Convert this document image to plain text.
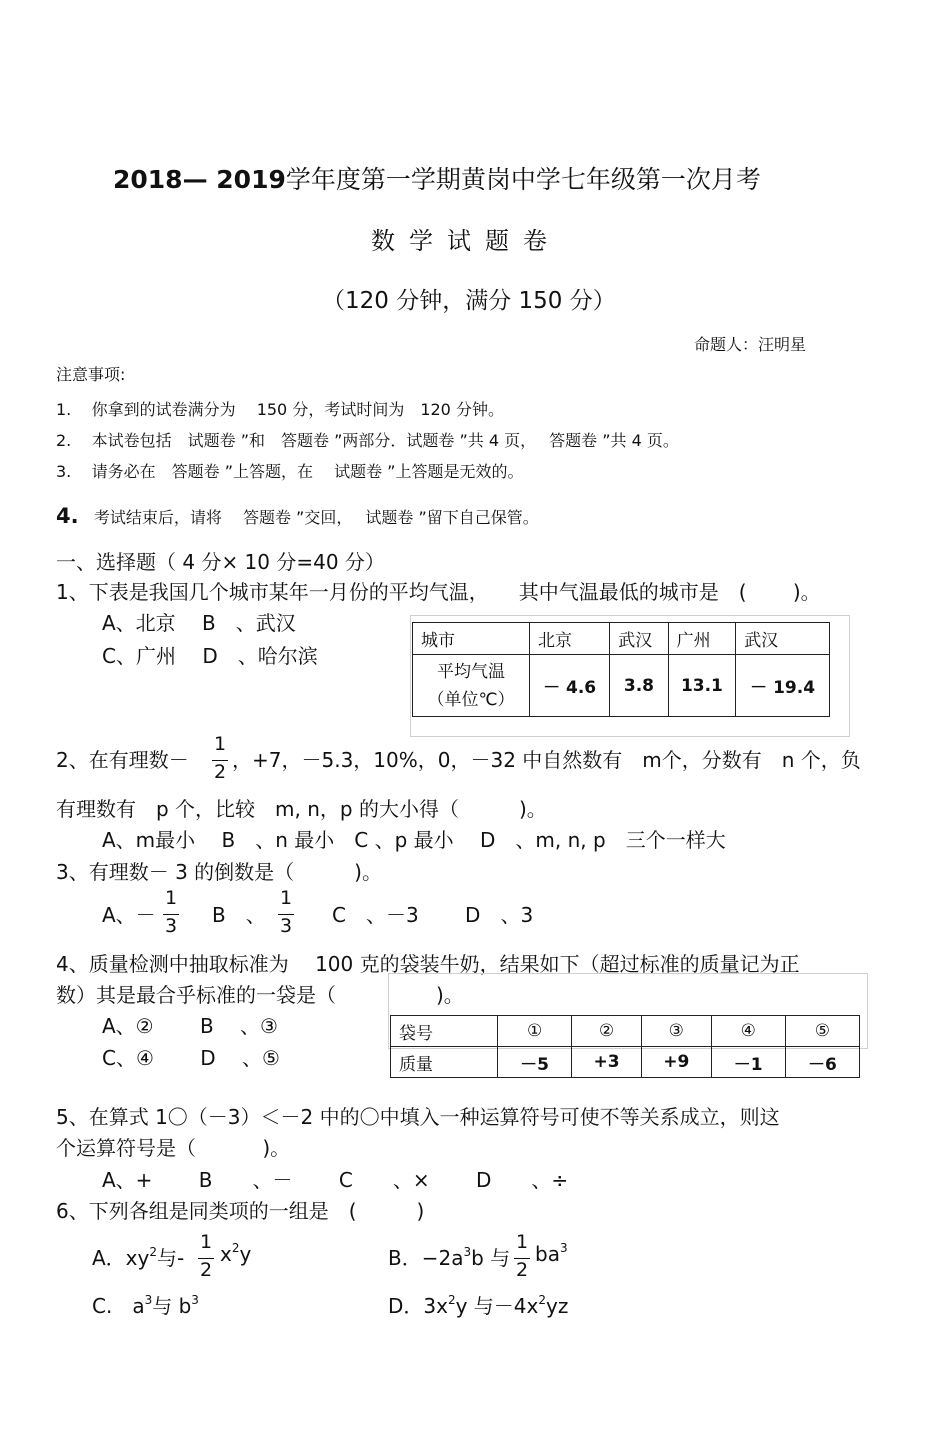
2018— 2019学年度第一学期黄岗中学七年级第一次月考
数学试题卷
（120 分钟，满分 150 分）
命题人：汪明星
注意事项:
1. 你拿到的试卷满分为　 150 分，考试时间为　120 分钟。
2. 本试卷包括　试题卷 ”和　答题卷 ”两部分．试题卷 ”共 4 页，　 答题卷 ”共 4 页。
3. 请务必在　答题卷 ”上答题，在　 试题卷 ”上答题是无效的。
4. 考试结束后，请将　 答题卷 ”交回，　 试题卷 ”留下自己保管。
一、选择题（ 4 分× 10 分=40 分）
1、下表是我国几个城市某年一月份的平均气温，　　其中气温最低的城市是　(　　 )。
A、北京　 B　、武汉
C、广州　 D　、哈尔滨
城市	北京	武汉	广州	武汉

平均气温
（单位℃）	－ 4.6	3.8	13.1	－ 19.4
2、在有理数－
1
2 ，+7，－5.3，10%，0，－32 中自然数有　m个，分数有　n 个，负
有理数有　p 个，比较　m, n，p 的大小得（　　　)。
A、m最小　 B　、n 最小　C 、p 最小　 D　、m, n, p　三个一样大
3、有理数－ 3 的倒数是（　　　)。
A、－
1
3 B　、
1
3 C　、－3　　 D　、3
4、质量检测中抽取标准为　 100 克的袋装牛奶，结果如下（超过标准的质量记为正
数）其是最合乎标准的一袋是（　　　　　)。
A、②　　 B　 、③
C、④　　 D　 、⑤
袋号	①	②	③	④	⑤
质量	－5	+3	+9	－1	－6
5、在算式 1〇（－3）＜－2 中的〇中填入一种运算符号可使不等关系成立，则这
个运算符号是（　　　 )。
A、+　　 B　　、－　　 C　　、×　　 D　　、÷
6、下列各组是同类项的一组是　(　　　)
A．$xy^2$与-
1
2
$x^2y$	B．$-2a^3b$ 与
1
2
$ba^3$
C.　$a^3$与 $b^3$	D．$3x^2y$ 与$-4x^2yz$
